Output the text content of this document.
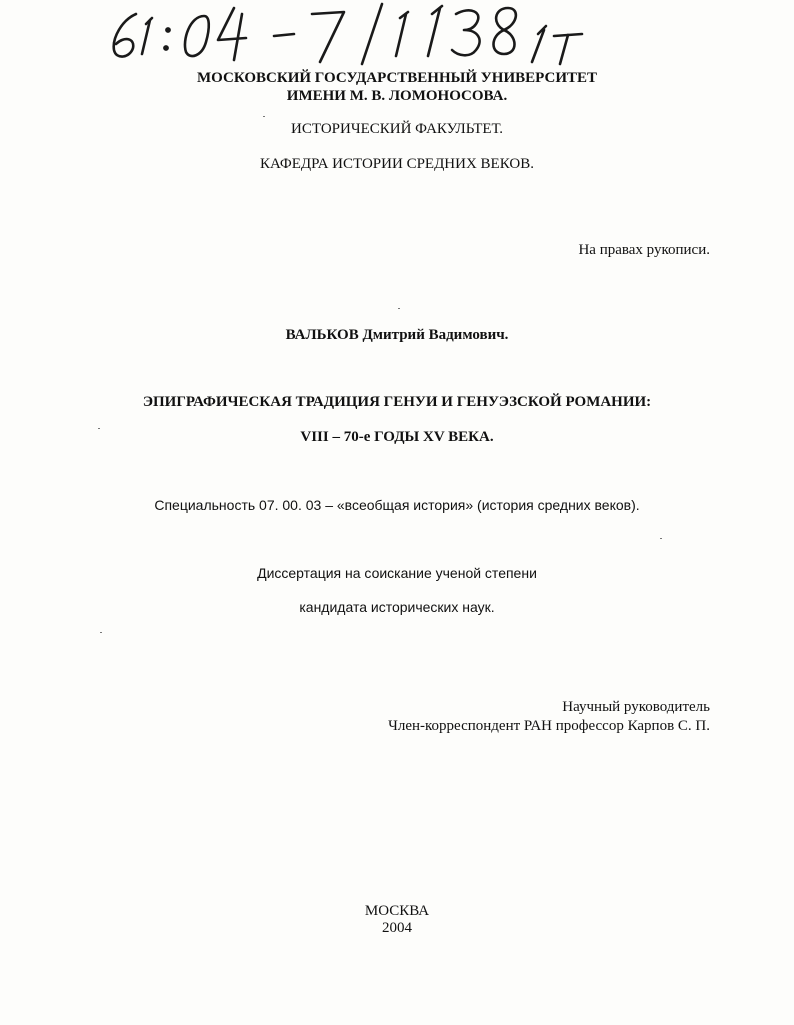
МОСКОВСКИЙ ГОСУДАРСТВЕННЫЙ УНИВЕРСИТЕТ
ИМЕНИ М. В. ЛОМОНОСОВА.
ИСТОРИЧЕСКИЙ ФАКУЛЬТЕТ.
КАФЕДРА ИСТОРИИ СРЕДНИХ ВЕКОВ.
На правах рукописи.
ВАЛЬКОВ Дмитрий Вадимович.
ЭПИГРАФИЧЕСКАЯ ТРАДИЦИЯ ГЕНУИ И ГЕНУЭЗСКОЙ РОМАНИИ:
VIII – 70-е ГОДЫ XV ВЕКА.
Специальность 07. 00. 03 – «всеобщая история» (история средних веков).
Диссертация на соискание ученой степени
кандидата исторических наук.
Научный руководитель
Член-корреспондент РАН профессор Карпов С. П.
МОСКВА
2004
